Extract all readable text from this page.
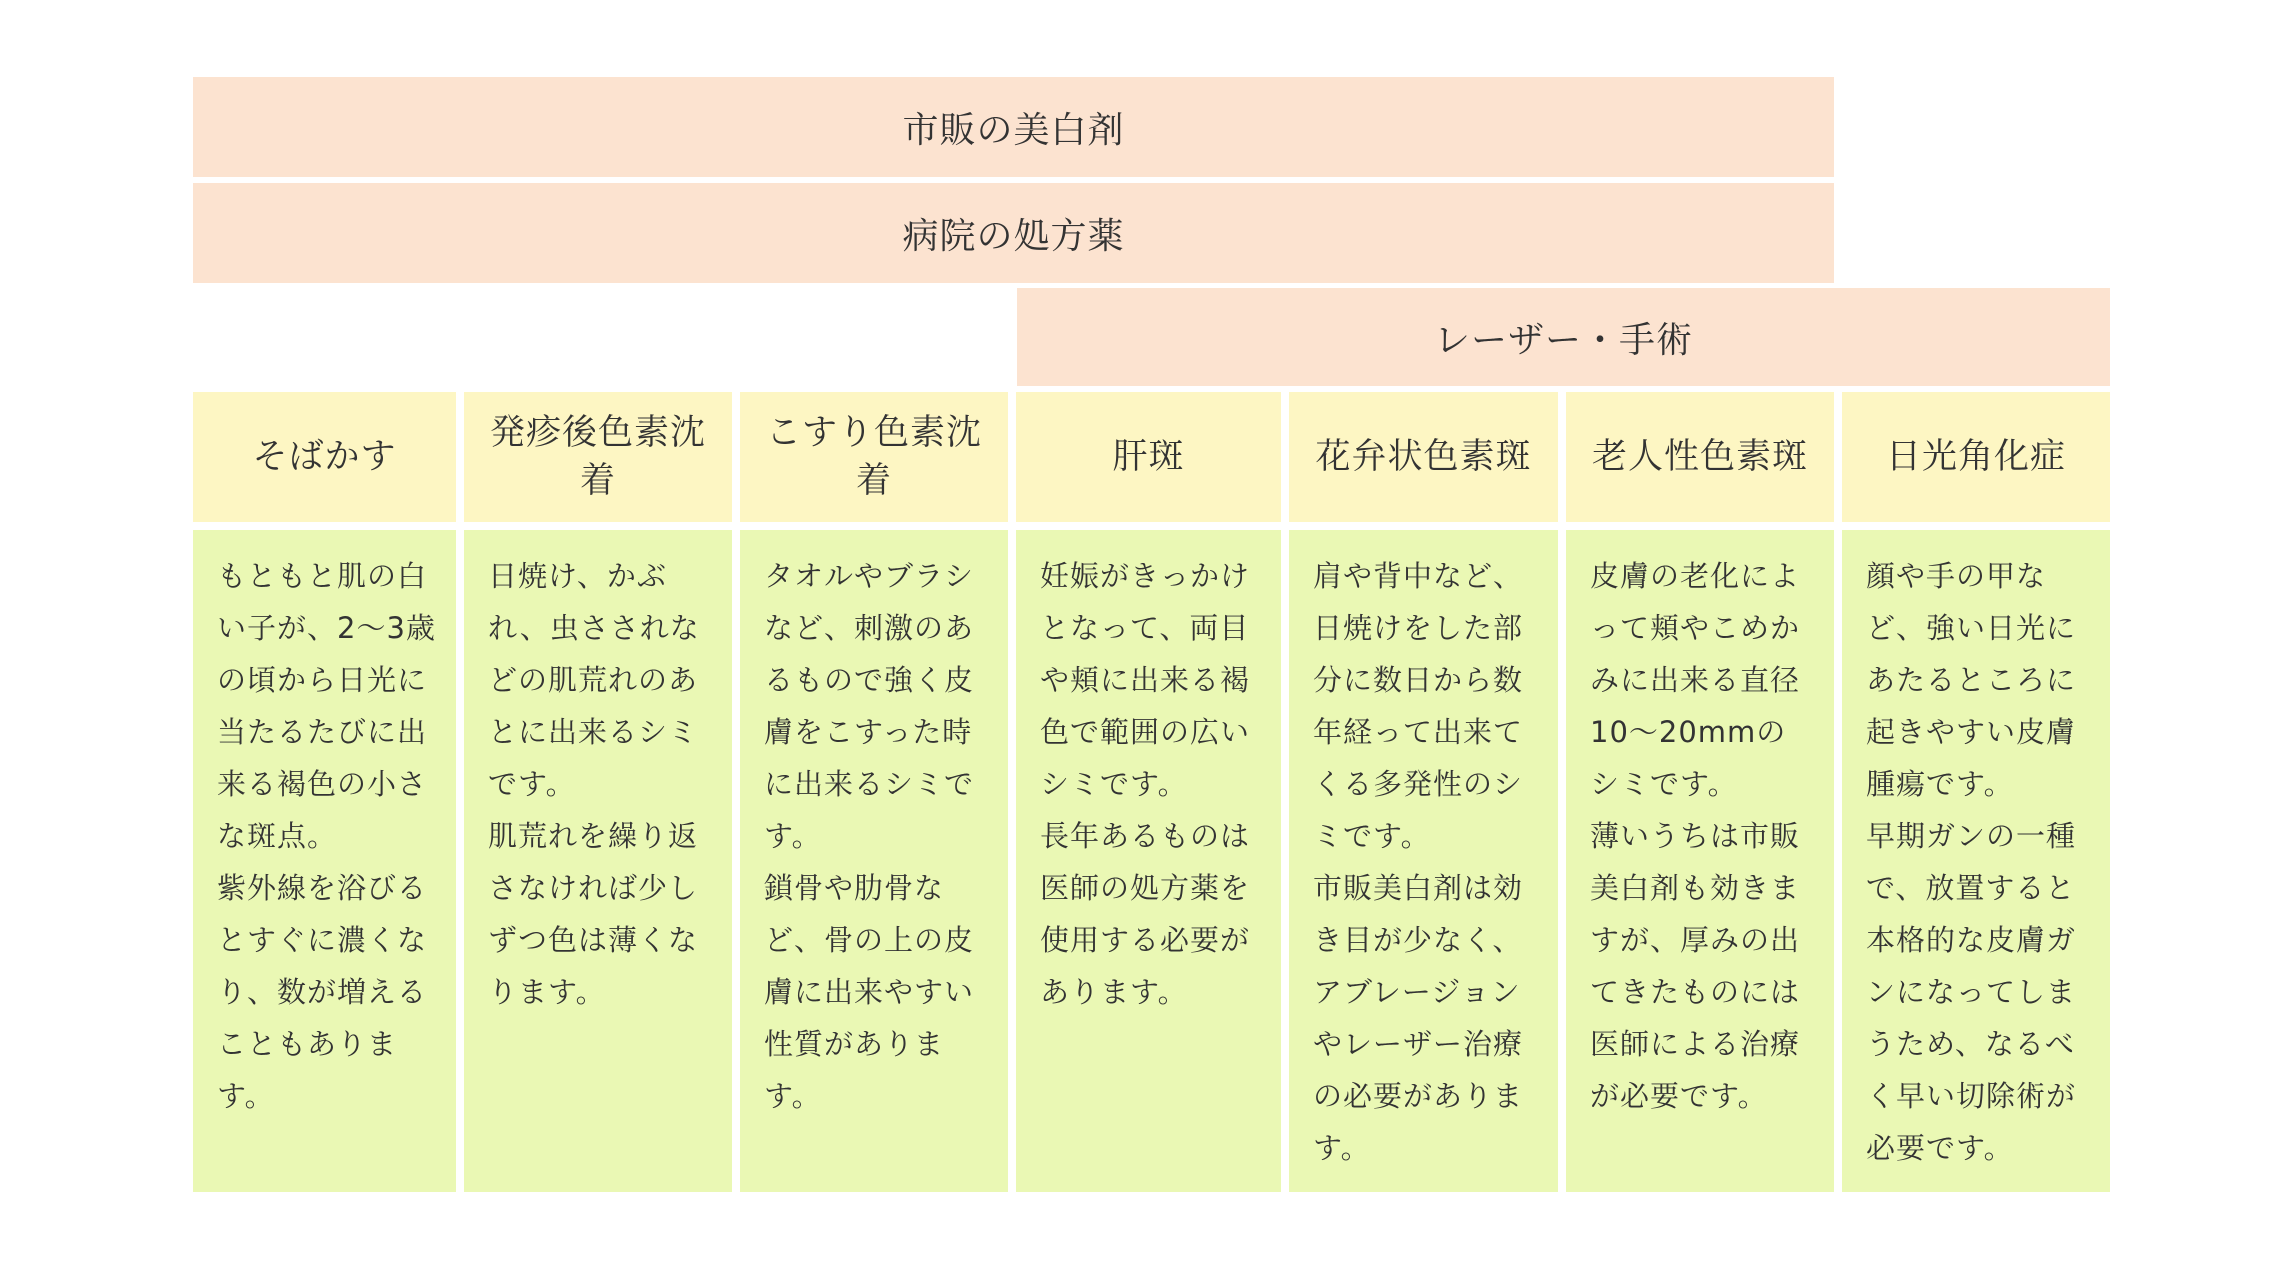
市販の美白剤
病院の処方薬
レーザー・手術
そばかす
発疹後色素沈着
こすり色素沈着
肝斑	花弁状色素斑 老人性色素斑 日光角化症

もともと肌の白い子が、2〜3歳の頃から日光に当たるたびに出来る褐色の小さな斑点。

紫外線を浴びるとすぐに濃くなり、数が増えることもあります。

日焼け、かぶれ、虫さされなどの肌荒れのあとに出来るシミです。

肌荒れを繰り返さなければ少しずつ色は薄くなります。

タオルやブラシなど、刺激のあるもので強く皮膚をこすった時に出来るシミです。

鎖骨や肋骨など、骨の上の皮膚に出来やすい性質があります。

妊娠がきっかけとなって、両目や頬に出来る褐色で範囲の広いシミです。

長年あるものは医師の処方薬を使用する必要があります。

肩や背中など、日焼けをした部分に数日から数年経って出来てくる多発性のシミです。

市販美白剤は効き目が少なく、アブレージョンやレーザー治療の必要があります。

皮膚の老化によって頬やこめかみに出来る直径10〜20mmのシミです。

薄いうちは市販美白剤も効きますが、厚みの出てきたものには医師による治療が必要です。

顔や手の甲など、強い日光にあたるところに起きやすい皮膚腫瘍です。

早期ガンの一種で、放置すると本格的な皮膚ガンになってしまうため、なるべく早い切除術が必要です。
